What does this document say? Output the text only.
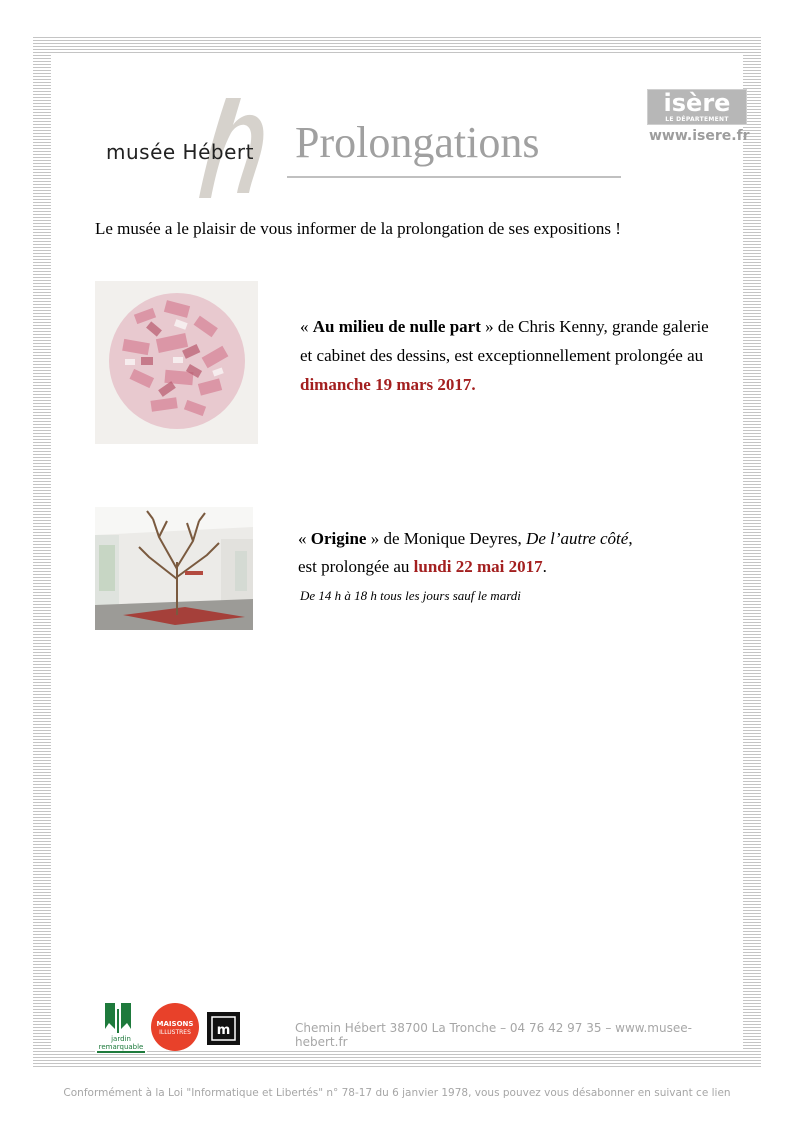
musée Hébert Prolongations
isère
LE DÉPARTEMENT
www.isere.fr
Le musée a le plaisir de vous informer de la prolongation de ses expositions !
« Au milieu de nulle part » de Chris Kenny, grande galerie et cabinet des dessins, est exceptionnellement prolongée au dimanche 19 mars 2017.
« Origine » de Monique Deyres, De l’autre côté,
est prolongée au lundi 22 mai 2017.
De 14 h à 18 h tous les jours sauf le mardi
jardin
remarquable
MAISONS
ILLUSTRES m	Chemin Hébert 38700 La Tronche – 04 76 42 97 35 – www.musee-hebert.fr
Conformément à la Loi "Informatique et Libertés" n° 78-17 du 6 janvier 1978, vous pouvez vous désabonner en suivant ce lien
